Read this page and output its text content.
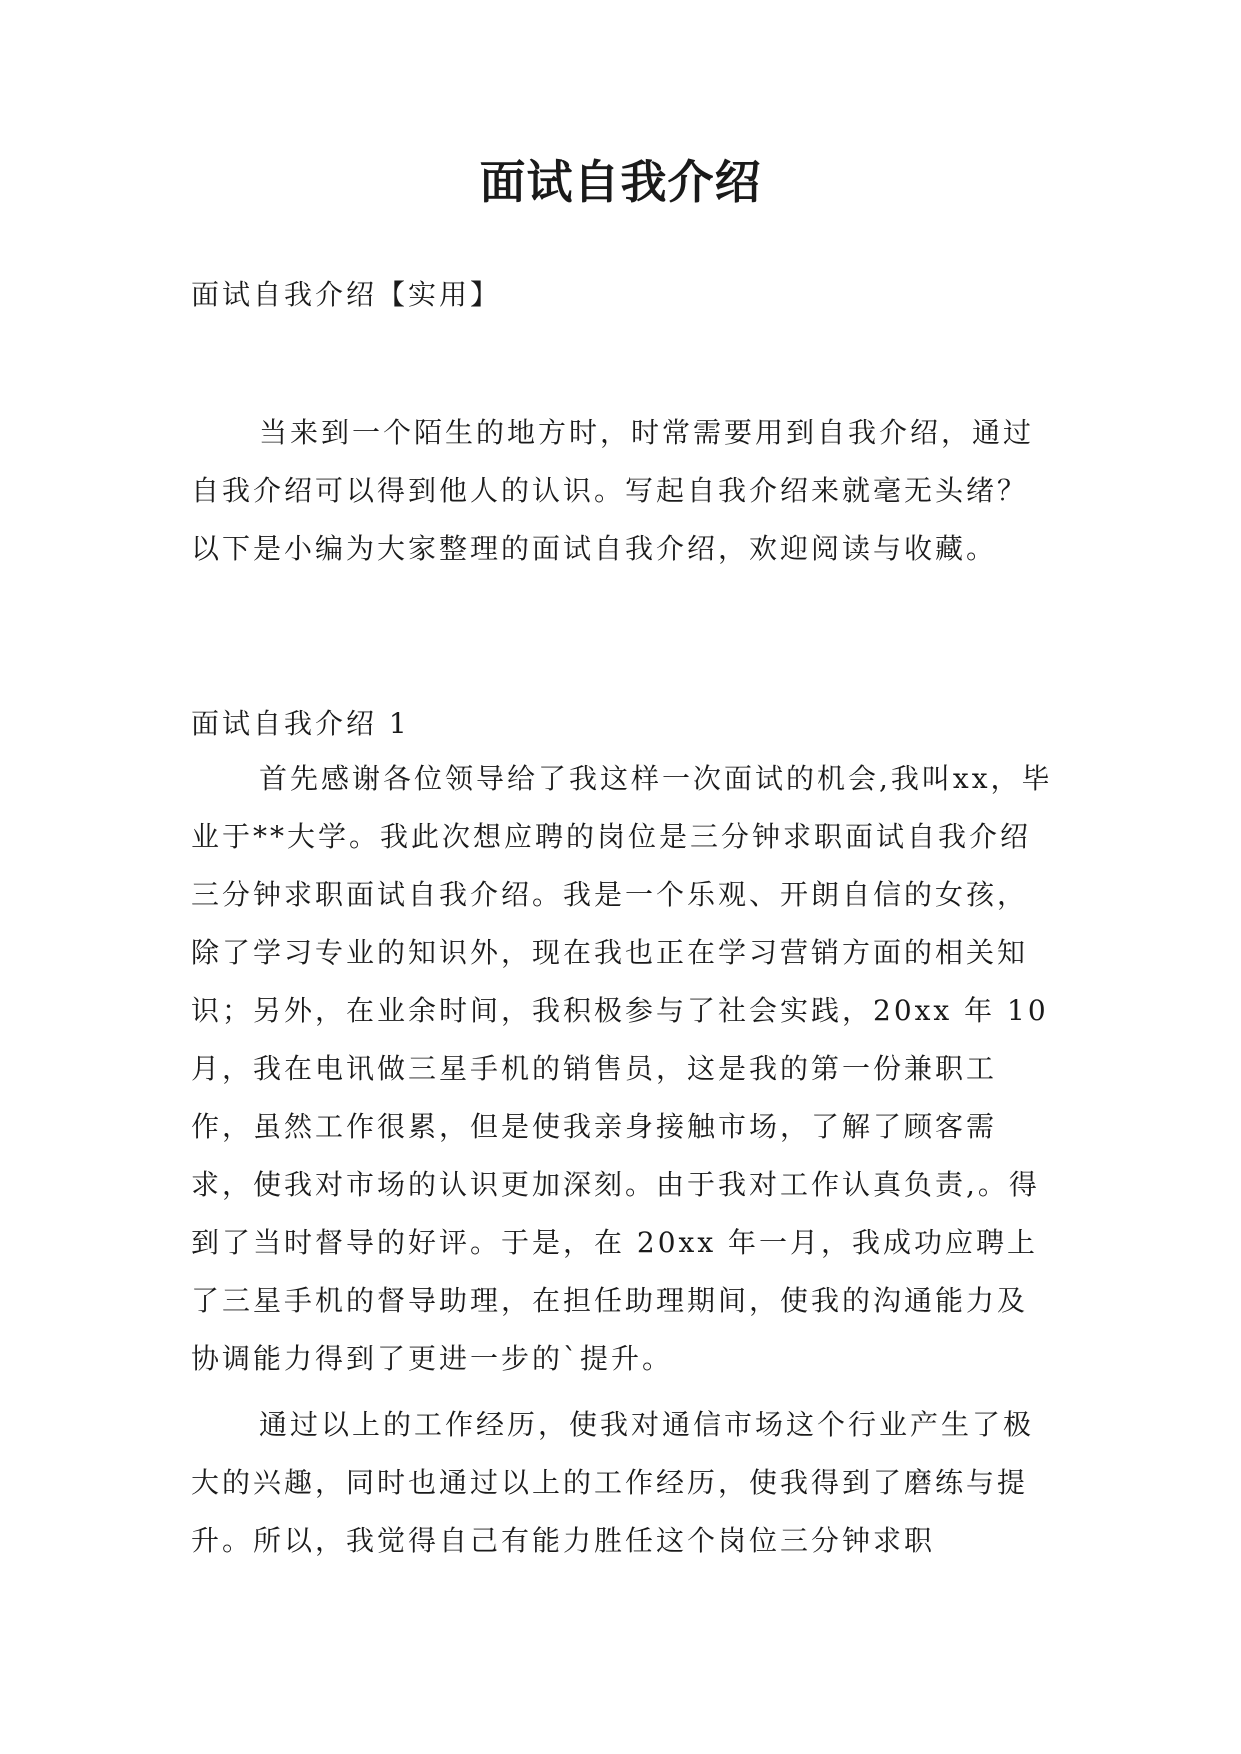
面试自我介绍
面试自我介绍【实用】

当来到一个陌生的地方时，时常需要用到自我介绍，通过自我介绍可以得到他人的认识。写起自我介绍来就毫无头绪？以下是小编为大家整理的面试自我介绍，欢迎阅读与收藏。

面试自我介绍 1

首先感谢各位领导给了我这样一次面试的机会,我叫xx，毕业于**大学。我此次想应聘的岗位是三分钟求职面试自我介绍三分钟求职面试自我介绍。我是一个乐观、开朗自信的女孩，除了学习专业的知识外，现在我也正在学习营销方面的相关知识；另外，在业余时间，我积极参与了社会实践，20xx 年 10 月，我在电讯做三星手机的销售员，这是我的第一份兼职工作，虽然工作很累，但是使我亲身接触市场，了解了顾客需求，使我对市场的认识更加深刻。由于我对工作认真负责,。得到了当时督导的好评。于是，在 20xx 年一月，我成功应聘上了三星手机的督导助理，在担任助理期间，使我的沟通能力及协调能力得到了更进一步的`提升。

通过以上的工作经历，使我对通信市场这个行业产生了极大的兴趣，同时也通过以上的工作经历，使我得到了磨练与提升。所以，我觉得自己有能力胜任这个岗位三分钟求职
